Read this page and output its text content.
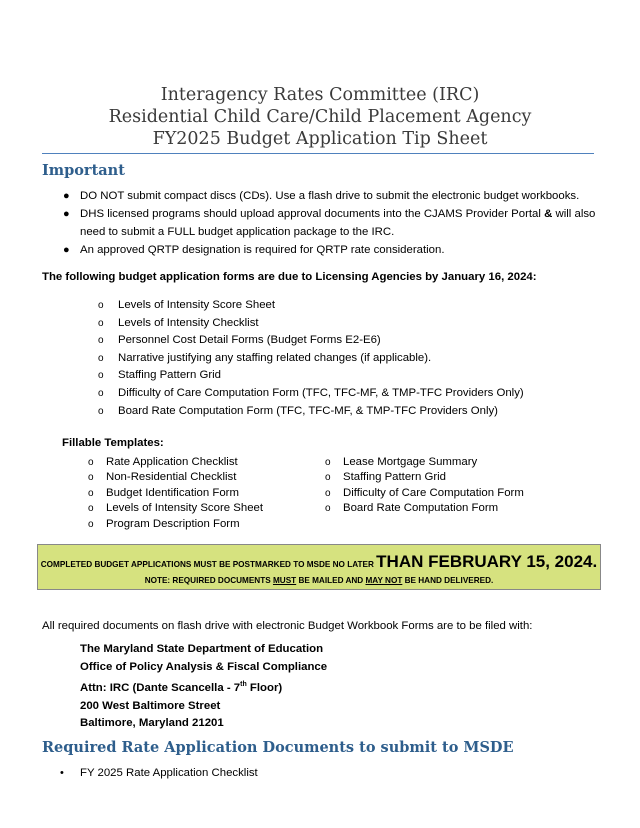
Interagency Rates Committee (IRC)
Residential Child Care/Child Placement Agency
FY2025 Budget Application Tip Sheet
Important
● DO NOT submit compact discs (CDs). Use a flash drive to submit the electronic budget workbooks.
● DHS licensed programs should upload approval documents into the CJAMS Provider Portal & will also need to submit a FULL budget application package to the IRC.
● An approved QRTP designation is required for QRTP rate consideration.
The following budget application forms are due to Licensing Agencies by January 16, 2024:
o Levels of Intensity Score Sheet
o Levels of Intensity Checklist
o Personnel Cost Detail Forms (Budget Forms E2-E6)
o Narrative justifying any staffing related changes (if applicable).
o Staffing Pattern Grid
o Difficulty of Care Computation Form (TFC, TFC-MF, & TMP-TFC Providers Only)
o Board Rate Computation Form (TFC, TFC-MF, & TMP-TFC Providers Only)
Fillable Templates:
o Rate Application Checklist
o Non-Residential Checklist
o Budget Identification Form
o Levels of Intensity Score Sheet
o Program Description Form
o Lease Mortgage Summary
o Staffing Pattern Grid
o Difficulty of Care Computation Form
o Board Rate Computation Form
COMPLETED BUDGET APPLICATIONS MUST BE POSTMARKED TO MSDE NO LATER THAN FEBRUARY 15, 2024.
NOTE: REQUIRED DOCUMENTS MUST BE MAILED AND MAY NOT BE HAND DELIVERED.
All required documents on flash drive with electronic Budget Workbook Forms are to be filed with:
The Maryland State Department of Education
Office of Policy Analysis & Fiscal Compliance
Attn: IRC (Dante Scancella - 7th Floor)
200 West Baltimore Street
Baltimore, Maryland 21201
Required Rate Application Documents to submit to MSDE
• FY 2025 Rate Application Checklist
